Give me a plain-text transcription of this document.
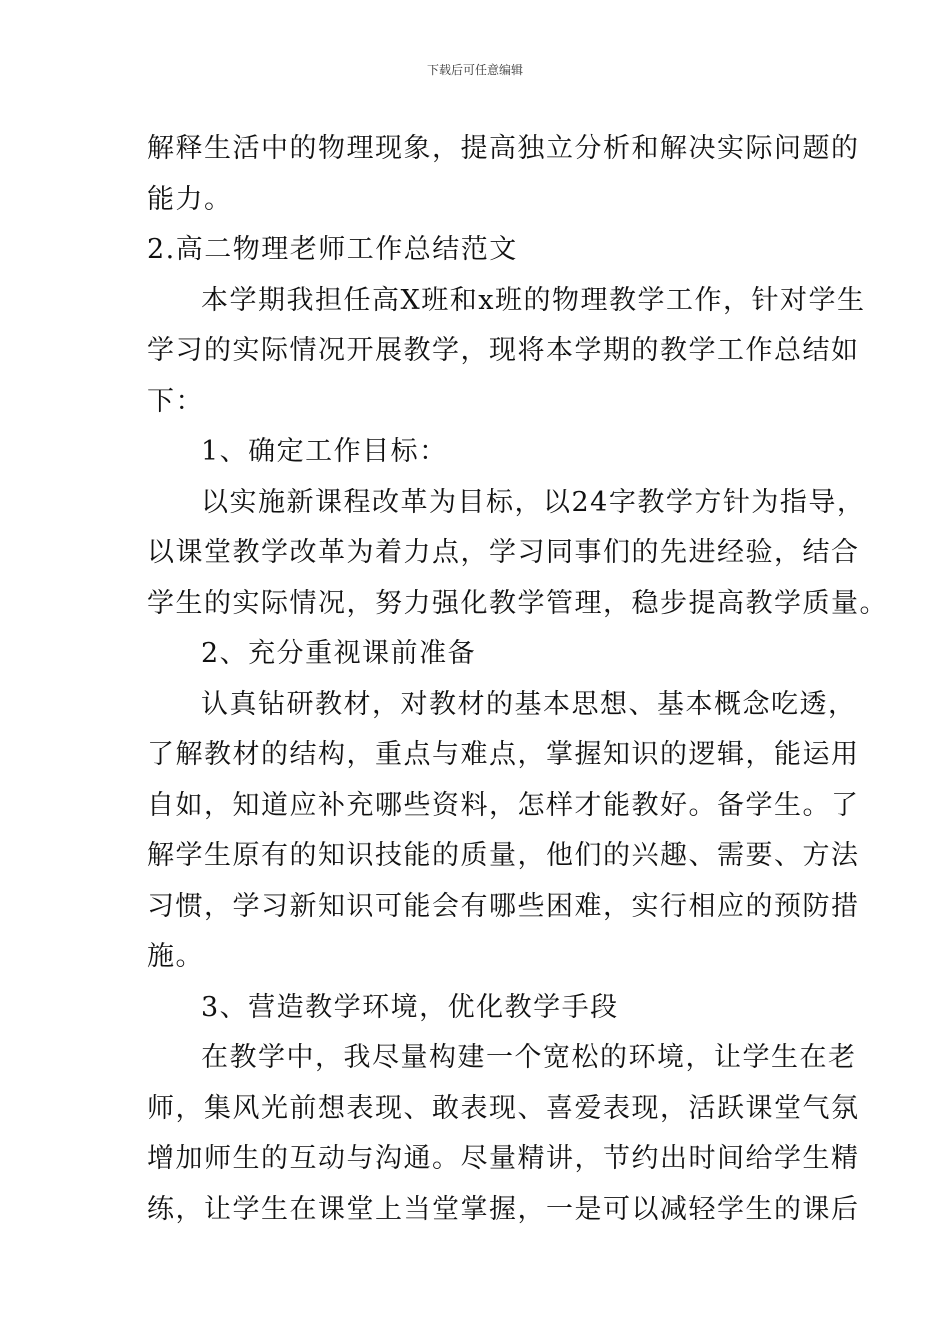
下载后可任意编辑
解释生活中的物理现象，提高独立分析和解决实际问题的
能力。
2.高二物理老师工作总结范文
本学期我担任高X班和x班的物理教学工作，针对学生
学习的实际情况开展教学，现将本学期的教学工作总结如
下：
1、确定工作目标：
以实施新课程改革为目标，以24字教学方针为指导，
以课堂教学改革为着力点，学习同事们的先进经验，结合
学生的实际情况，努力强化教学管理，稳步提高教学质量。
2、充分重视课前准备
认真钻研教材，对教材的基本思想、基本概念吃透，
了解教材的结构，重点与难点，掌握知识的逻辑，能运用
自如，知道应补充哪些资料，怎样才能教好。备学生。了
解学生原有的知识技能的质量，他们的兴趣、需要、方法
习惯，学习新知识可能会有哪些困难，实行相应的预防措
施。
3、营造教学环境，优化教学手段
在教学中，我尽量构建一个宽松的环境，让学生在老
师，集风光前想表现、敢表现、喜爱表现，活跃课堂气氛
增加师生的互动与沟通。尽量精讲，节约出时间给学生精
练，让学生在课堂上当堂掌握，一是可以减轻学生的课后
